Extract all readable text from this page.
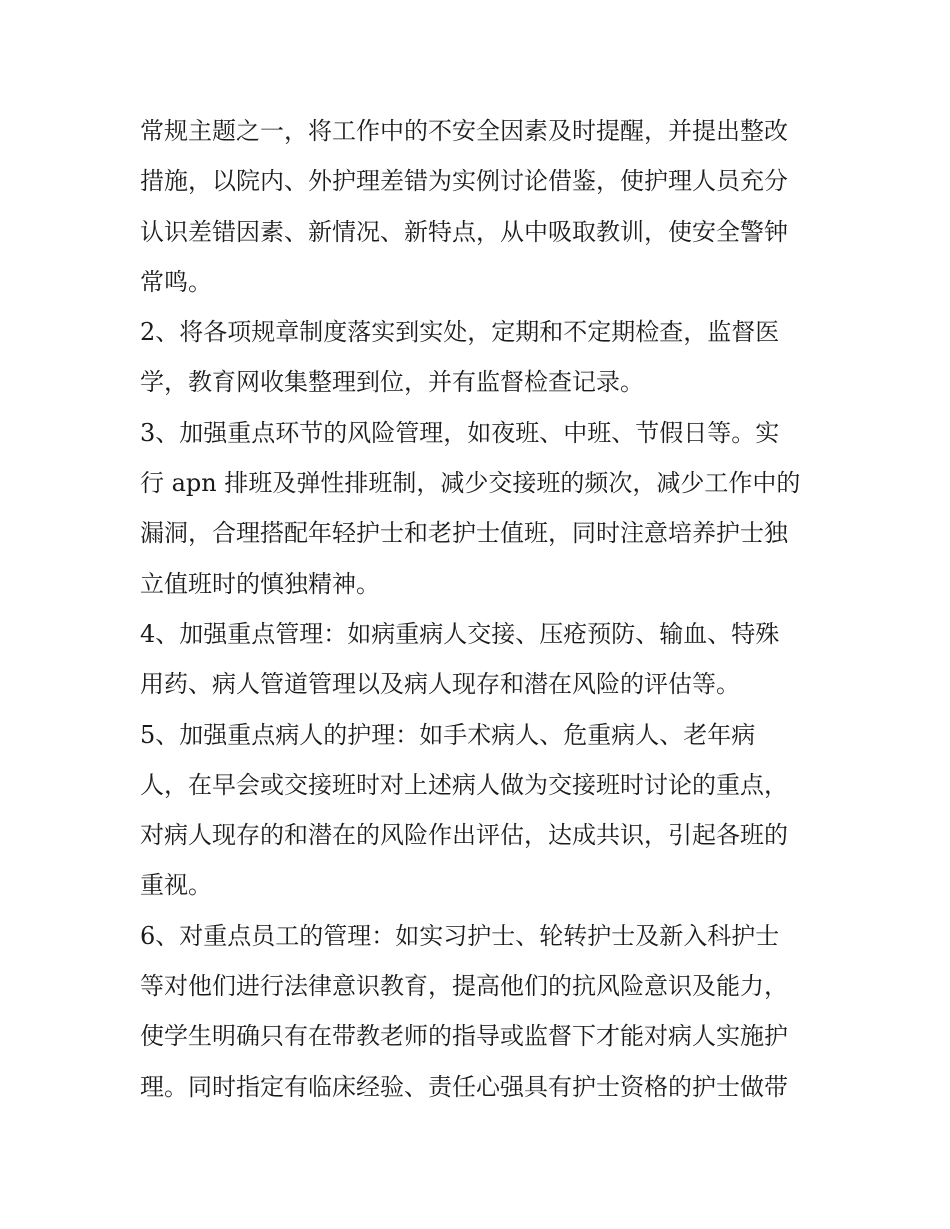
常规主题之一，将工作中的不安全因素及时提醒，并提出整改
措施，以院内、外护理差错为实例讨论借鉴，使护理人员充分
认识差错因素、新情况、新特点，从中吸取教训，使安全警钟
常鸣。
2、将各项规章制度落实到实处，定期和不定期检查，监督医
学，教育网收集整理到位，并有监督检查记录。
3、加强重点环节的风险管理，如夜班、中班、节假日等。实
行 apn 排班及弹性排班制，减少交接班的频次，减少工作中的
漏洞，合理搭配年轻护士和老护士值班，同时注意培养护士独
立值班时的慎独精神。
4、加强重点管理：如病重病人交接、压疮预防、输血、特殊
用药、病人管道管理以及病人现存和潜在风险的评估等。
5、加强重点病人的护理：如手术病人、危重病人、老年病
人，在早会或交接班时对上述病人做为交接班时讨论的重点，
对病人现存的和潜在的风险作出评估，达成共识，引起各班的
重视。
6、对重点员工的管理：如实习护士、轮转护士及新入科护士
等对他们进行法律意识教育，提高他们的抗风险意识及能力，
使学生明确只有在带教老师的指导或监督下才能对病人实施护
理。同时指定有临床经验、责任心强具有护士资格的护士做带
